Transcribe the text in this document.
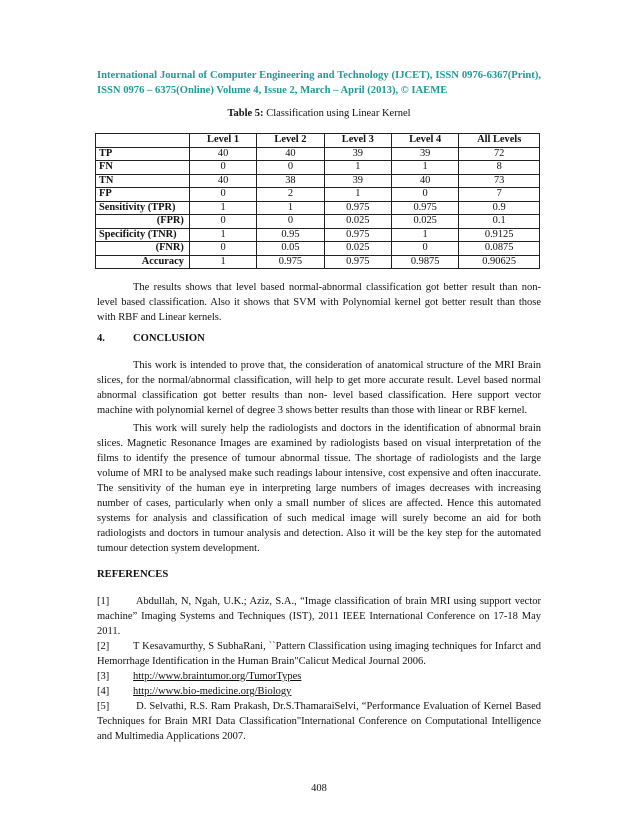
International Journal of Computer Engineering and Technology (IJCET), ISSN 0976-6367(Print), ISSN 0976 – 6375(Online) Volume 4, Issue 2, March – April (2013), © IAEME
Table 5: Classification using Linear Kernel
	Level 1	Level 2	Level 3	Level 4	All Levels
TP	40	40	39	39	72
FN	0	0	1	1	8
TN	40	38	39	40	73
FP	0	2	1	0	7
Sensitivity (TPR)	1	1	0.975	0.975	0.9
(FPR)	0	0	0.025	0.025	0.1
Specificity (TNR)	1	0.95	0.975	1	0.9125
(FNR)	0	0.05	0.025	0	0.0875
Accuracy	1	0.975	0.975	0.9875	0.90625
The results shows that level based normal-abnormal classification got better result than non-level based classification. Also it shows that SVM with Polynomial kernel got better result than those with RBF and Linear kernels.
4.	CONCLUSION
This work is intended to prove that, the consideration of anatomical structure of the MRI Brain slices, for the normal/abnormal classification, will help to get more accurate result. Level based normal abnormal classification got better results than non- level based classification. Here support vector machine with polynomial kernel of degree 3 shows better results than those with linear or RBF kernel.
This work will surely help the radiologists and doctors in the identification of abnormal brain slices. Magnetic Resonance Images are examined by radiologists based on visual interpretation of the films to identify the presence of tumour abnormal tissue. The shortage of radiologists and the large volume of MRI to be analysed make such readings labour intensive, cost expensive and often inaccurate. The sensitivity of the human eye in interpreting large numbers of images decreases with increasing number of cases, particularly when only a small number of slices are affected. Hence this automated systems for analysis and classification of such medical image will surely become an aid for both radiologists and doctors in tumour analysis and detection. Also it will be the key step for the automated tumour detection system development.
REFERENCES
[1] Abdullah, N, Ngah, U.K.; Aziz, S.A., “Image classification of brain MRI using support vector machine” Imaging Systems and Techniques (IST), 2011 IEEE International Conference on 17-18 May 2011.
[2] T Kesavamurthy, S SubhaRani, ``Pattern Classification using imaging techniques for Infarct and Hemorrhage Identification in the Human Brain"Calicut Medical Journal 2006.
[3] http://www.braintumor.org/TumorTypes
[4] http://www.bio-medicine.org/Biology
[5] D. Selvathi, R.S. Ram Prakash, Dr.S.ThamaraiSelvi, “Performance Evaluation of Kernel Based Techniques for Brain MRI Data Classification"International Conference on Computational Intelligence and Multimedia Applications 2007.
408
